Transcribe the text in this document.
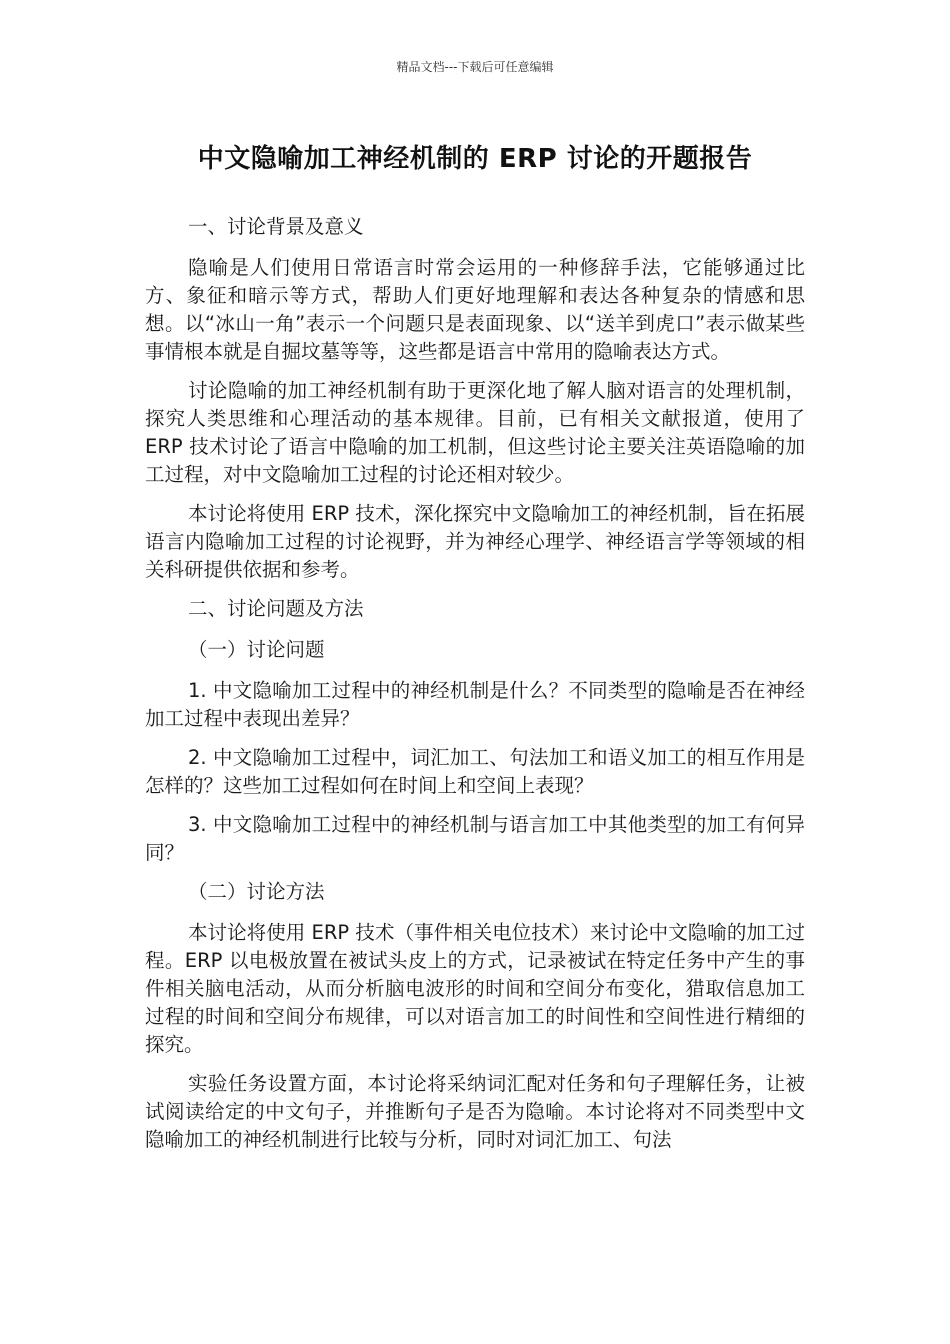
精品文档---下载后可任意编辑
中文隐喻加工神经机制的 ERP 讨论的开题报告
一、讨论背景及意义

隐喻是人们使用日常语言时常会运用的一种修辞手法，它能够通过比方、象征和暗示等方式，帮助人们更好地理解和表达各种复杂的情感和思想。以“冰山一角”表示一个问题只是表面现象、以“送羊到虎口”表示做某些事情根本就是自掘坟墓等等，这些都是语言中常用的隐喻表达方式。

讨论隐喻的加工神经机制有助于更深化地了解人脑对语言的处理机制，探究人类思维和心理活动的基本规律。目前，已有相关文献报道，使用了 ERP 技术讨论了语言中隐喻的加工机制，但这些讨论主要关注英语隐喻的加工过程，对中文隐喻加工过程的讨论还相对较少。

本讨论将使用 ERP 技术，深化探究中文隐喻加工的神经机制，旨在拓展语言内隐喻加工过程的讨论视野，并为神经心理学、神经语言学等领域的相关科研提供依据和参考。

二、讨论问题及方法
（一）讨论问题

1. 中文隐喻加工过程中的神经机制是什么？不同类型的隐喻是否在神经加工过程中表现出差异？

2. 中文隐喻加工过程中，词汇加工、句法加工和语义加工的相互作用是怎样的？这些加工过程如何在时间上和空间上表现？

3. 中文隐喻加工过程中的神经机制与语言加工中其他类型的加工有何异同？

（二）讨论方法

本讨论将使用 ERP 技术（事件相关电位技术）来讨论中文隐喻的加工过程。ERP 以电极放置在被试头皮上的方式，记录被试在特定任务中产生的事件相关脑电活动，从而分析脑电波形的时间和空间分布变化，猎取信息加工过程的时间和空间分布规律，可以对语言加工的时间性和空间性进行精细的探究。

实验任务设置方面，本讨论将采纳词汇配对任务和句子理解任务，让被试阅读给定的中文句子，并推断句子是否为隐喻。本讨论将对不同类型中文隐喻加工的神经机制进行比较与分析，同时对词汇加工、句法
